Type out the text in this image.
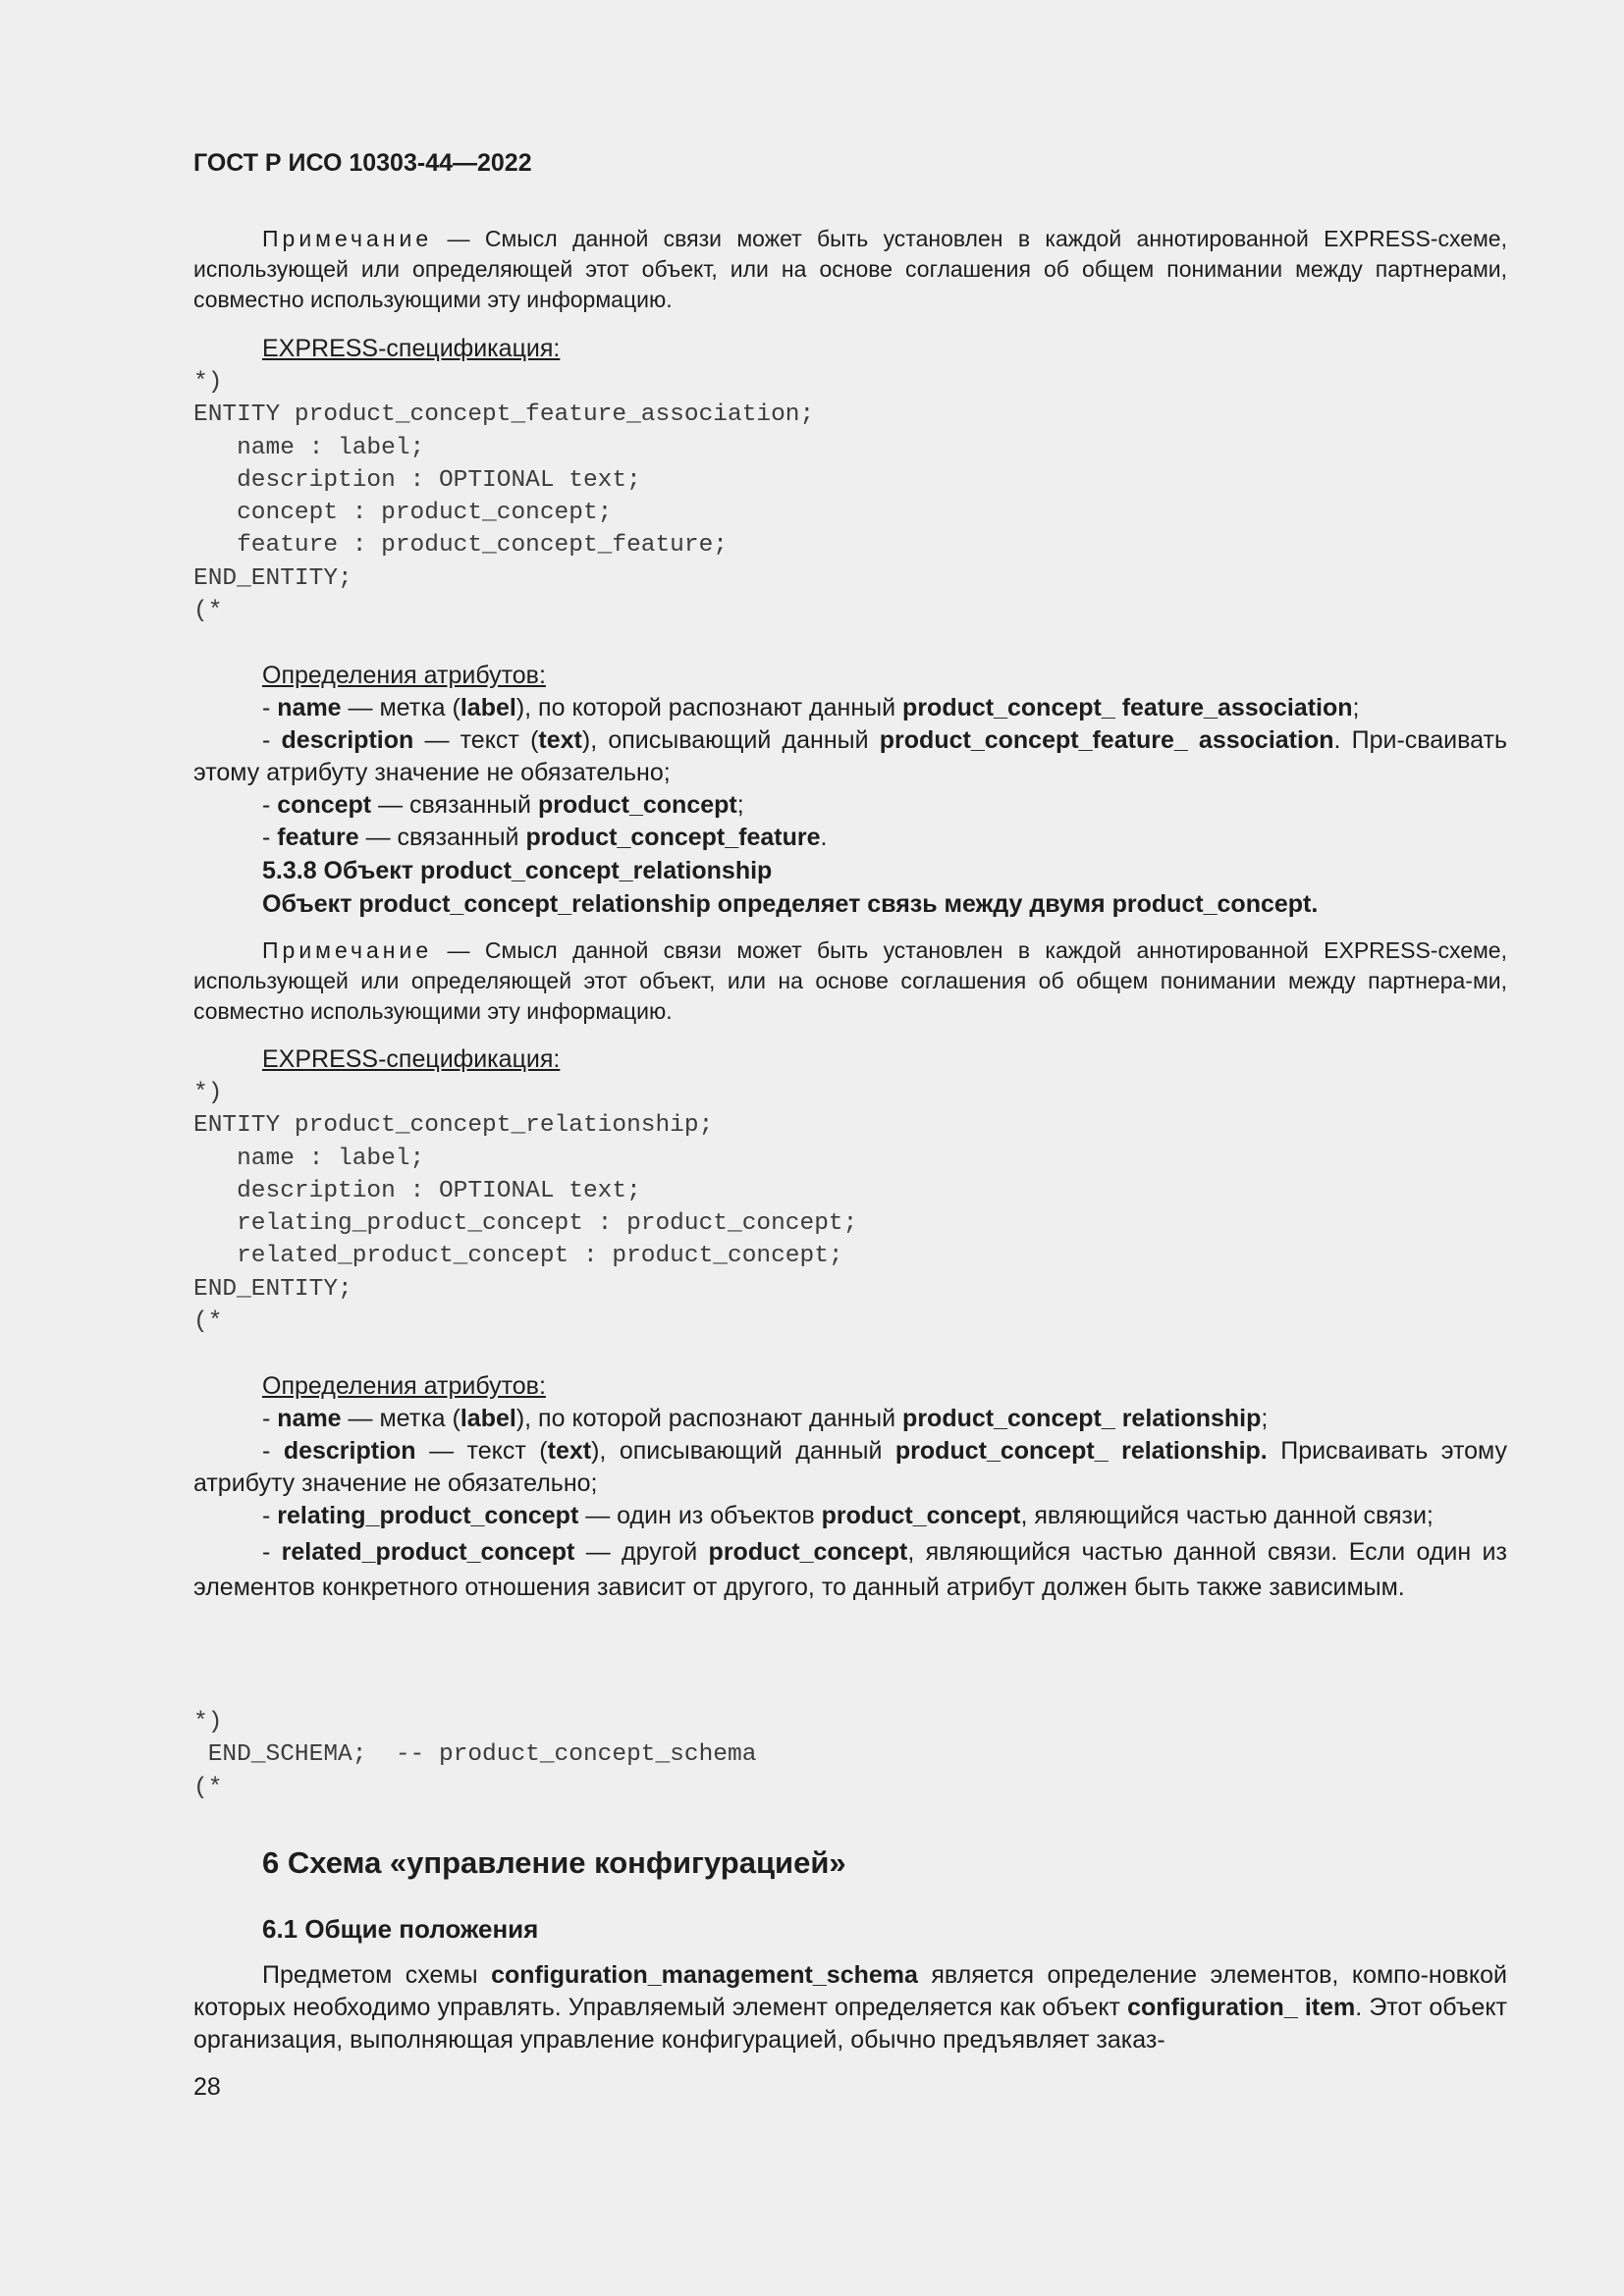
ГОСТ Р ИСО 10303-44—2022
Примечание — Смысл данной связи может быть установлен в каждой аннотированной EXPRESS-схеме, использующей или определяющей этот объект, или на основе соглашения об общем понимании между партнерами, совместно использующими эту информацию.
EXPRESS-спецификация:
*)
ENTITY product_concept_feature_association;
name : label;
description : OPTIONAL text;
concept : product_concept;
feature : product_concept_feature;
END_ENTITY;
(*
Определения атрибутов:
- name — метка (label), по которой распознают данный product_concept_ feature_association;
- description — текст (text), описывающий данный product_concept_feature_ association. При-сваивать этому атрибуту значение не обязательно;
- concept — связанный product_concept;
- feature — связанный product_concept_feature.
5.3.8 Объект product_concept_relationship
Объект product_concept_relationship определяет связь между двумя product_concept.
Примечание — Смысл данной связи может быть установлен в каждой аннотированной EXPRESS-схеме, использующей или определяющей этот объект, или на основе соглашения об общем понимании между партнера-ми, совместно использующими эту информацию.
EXPRESS-спецификация:
*)
ENTITY product_concept_relationship;
name : label;
description : OPTIONAL text;
relating_product_concept : product_concept;
related_product_concept : product_concept;
END_ENTITY;
(*
Определения атрибутов:
- name — метка (label), по которой распознают данный product_concept_ relationship;
- description — текст (text), описывающий данный product_concept_ relationship. Присваивать этому атрибуту значение не обязательно;
- relating_product_concept — один из объектов product_concept, являющийся частью данной связи;
- related_product_concept — другой product_concept, являющийся частью данной связи. Если один из элементов конкретного отношения зависит от другого, то данный атрибут должен быть также зависимым.
*)
END_SCHEMA;  -- product_concept_schema
(*
6 Схема «управление конфигурацией»
6.1 Общие положения
Предметом схемы configuration_management_schema является определение элементов, компо-новкой которых необходимо управлять. Управляемый элемент определяется как объект configuration_ item. Этот объект организация, выполняющая управление конфигурацией, обычно предъявляет заказ-
28
